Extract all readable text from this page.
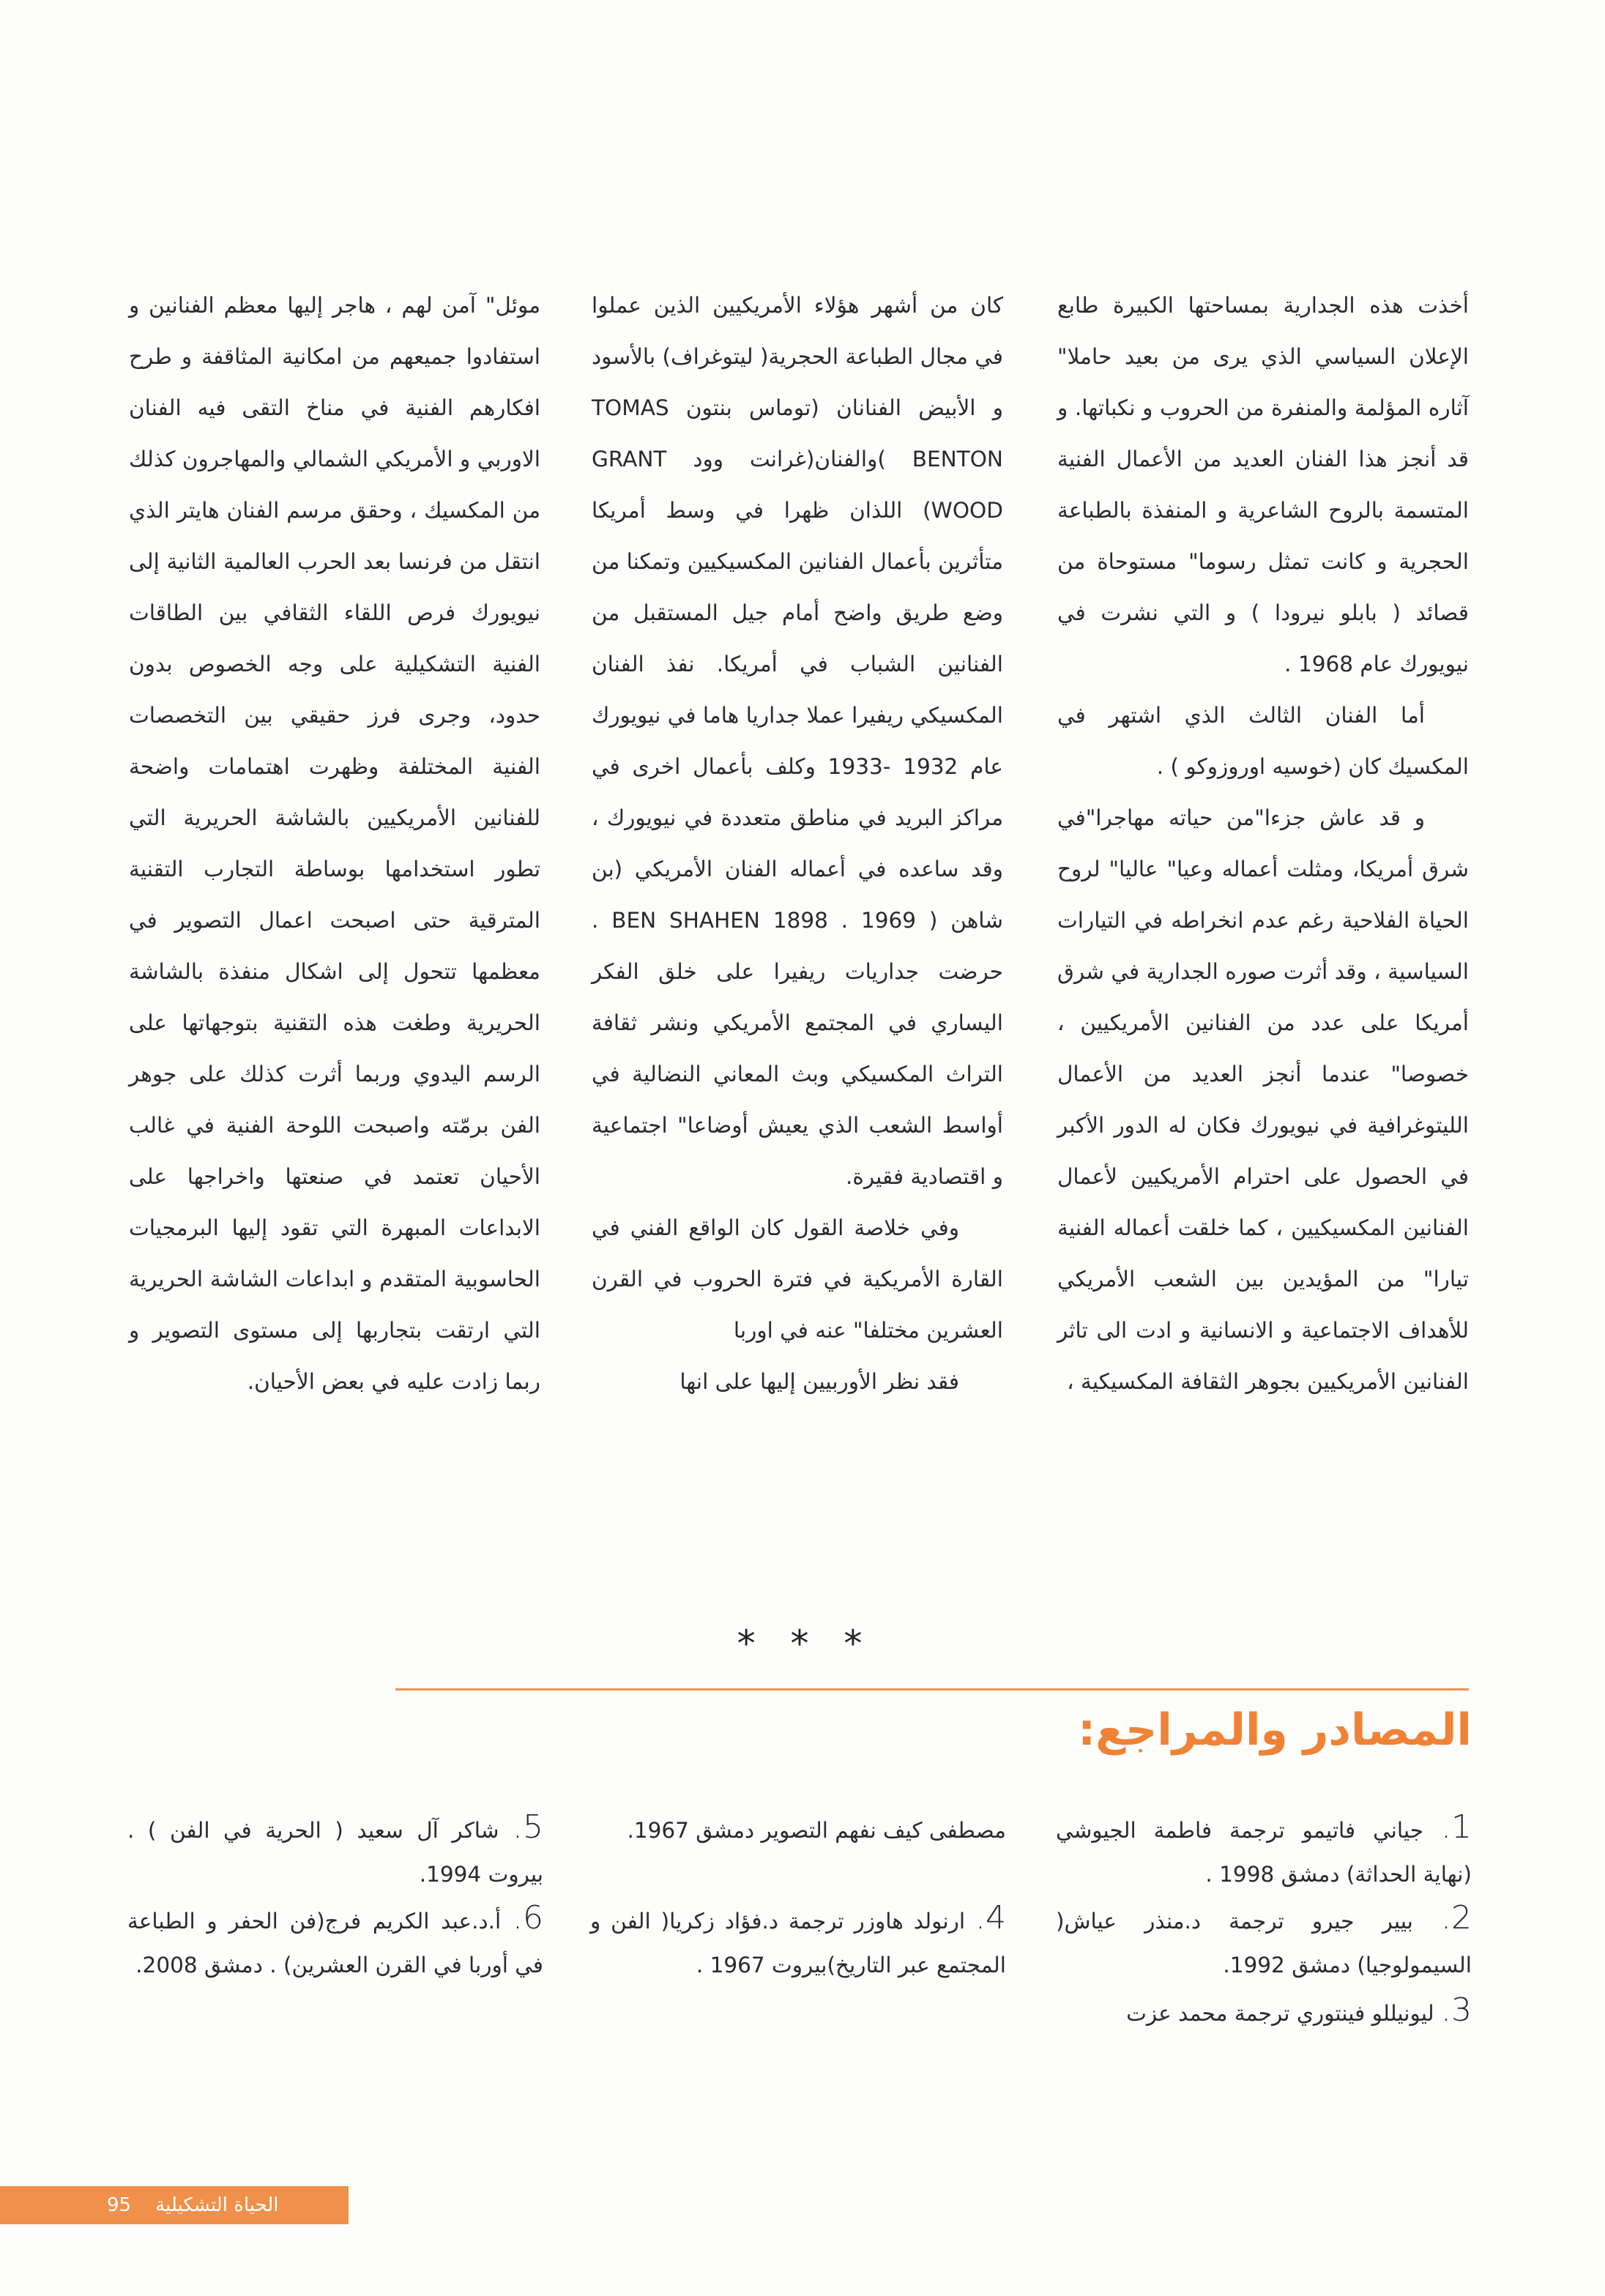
أخذت هذه الجدارية بمساحتها الكبيرة طابع الإعلان السياسي الذي يرى من بعيد حاملا" آثاره المؤلمة والمنفرة من الحروب و نكباتها. و قد أنجز هذا الفنان العديد من الأعمال الفنية المتسمة بالروح الشاعرية و المنفذة بالطباعة الحجرية و كانت تمثل رسوما" مستوحاة من قصائد ( بابلو نيرودا ) و التي نشرت في نيويورك عام 1968 .

أما الفنان الثالث الذي اشتهر في المكسيك كان (خوسيه اوروزوكو ) .

و قد عاش جزءا"من حياته مهاجرا"في شرق أمريكا، ومثلت أعماله وعيا" عاليا" لروح الحياة الفلاحية رغم عدم انخراطه في التيارات السياسية ، وقد أثرت صوره الجدارية في شرق أمريكا على عدد من الفنانين الأمريكيين ، خصوصا" عندما أنجز العديد من الأعمال الليتوغرافية في نيويورك فكان له الدور الأكبر في الحصول على احترام الأمريكيين لأعمال الفنانين المكسيكيين ، كما خلقت أعماله الفنية تيارا" من المؤيدين بين الشعب الأمريكي للأهداف الاجتماعية و الانسانية و ادت الى تاثر الفنانين الأمريكيين بجوهر الثقافة المكسيكية ،

كان من أشهر هؤلاء الأمريكيين الذين عملوا في مجال الطباعة الحجرية( ليتوغراف) بالأسود و الأبيض الفنانان (توماس بنتون TOMAS BENTON )والفنان(غرانت وود GRANT WOOD) اللذان ظهرا في وسط أمريكا متأثرين بأعمال الفنانين المكسيكيين وتمكنا من وضع طريق واضح أمام جيل المستقبل من الفنانين الشباب في أمريكا. نفذ الفنان المكسيكي ريفيرا عملا جداريا هاما في نيويورك عام 1932 -1933 وكلف بأعمال اخرى في مراكز البريد في مناطق متعددة في نيويورك ، وقد ساعده في أعماله الفنان الأمريكي (بن شاهن ( BEN SHAHEN 1898 . 1969 . حرضت جداريات ريفيرا على خلق الفكر اليساري في المجتمع الأمريكي ونشر ثقافة التراث المكسيكي وبث المعاني النضالية في أواسط الشعب الذي يعيش أوضاعا" اجتماعية و اقتصادية فقيرة.

وفي خلاصة القول كان الواقع الفني في القارة الأمريكية في فترة الحروب في القرن العشرين مختلفا" عنه في اوربا

فقد نظر الأوربيين إليها على انها

موئل" آمن لهم ، هاجر إليها معظم الفنانين و استفادوا جميعهم من امكانية المثاقفة و طرح افكارهم الفنية في مناخ التقى فيه الفنان الاوربي و الأمريكي الشمالي والمهاجرون كذلك من المكسيك ، وحقق مرسم الفنان هايتر الذي انتقل من فرنسا بعد الحرب العالمية الثانية إلى نيويورك فرص اللقاء الثقافي بين الطاقات الفنية التشكيلية على وجه الخصوص بدون حدود، وجرى فرز حقيقي بين التخصصات الفنية المختلفة وظهرت اهتمامات واضحة للفنانين الأمريكيين بالشاشة الحريرية التي تطور استخدامها بوساطة التجارب التقنية المترقية حتى اصبحت اعمال التصوير في معظمها تتحول إلى اشكال منفذة بالشاشة الحريرية وطغت هذه التقنية بتوجهاتها على الرسم اليدوي وربما أثرت كذلك على جوهر الفن برمّته واصبحت اللوحة الفنية في غالب الأحيان تعتمد في صنعتها واخراجها على الابداعات المبهرة التي تقود إليها البرمجيات الحاسوبية المتقدم و ابداعات الشاشة الحريرية التي ارتقت بتجاربها إلى مستوى التصوير و ربما زادت عليه في بعض الأحيان.

* * *
المصادر والمراجع:
1. جياني فاتيمو ترجمة فاطمة الجيوشي (نهاية الحداثة) دمشق 1998 .
2. بيير جيرو ترجمة د.منذر عياش( السيمولوجيا) دمشق 1992.
3. ليونيللو فينتوري ترجمة محمد عزت
مصطفى كيف نفهم التصوير دمشق 1967.
4. ارنولد هاوزر ترجمة د.فؤاد زكريا( الفن و المجتمع عبر التاريخ)بيروت 1967 .
5. شاكر آل سعيد ( الحرية في الفن ) . بيروت 1994.
6. أ.د.عبد الكريم فرج(فن الحفر و الطباعة في أوربا في القرن العشرين) . دمشق 2008.
الحياة التشكيلية    95
